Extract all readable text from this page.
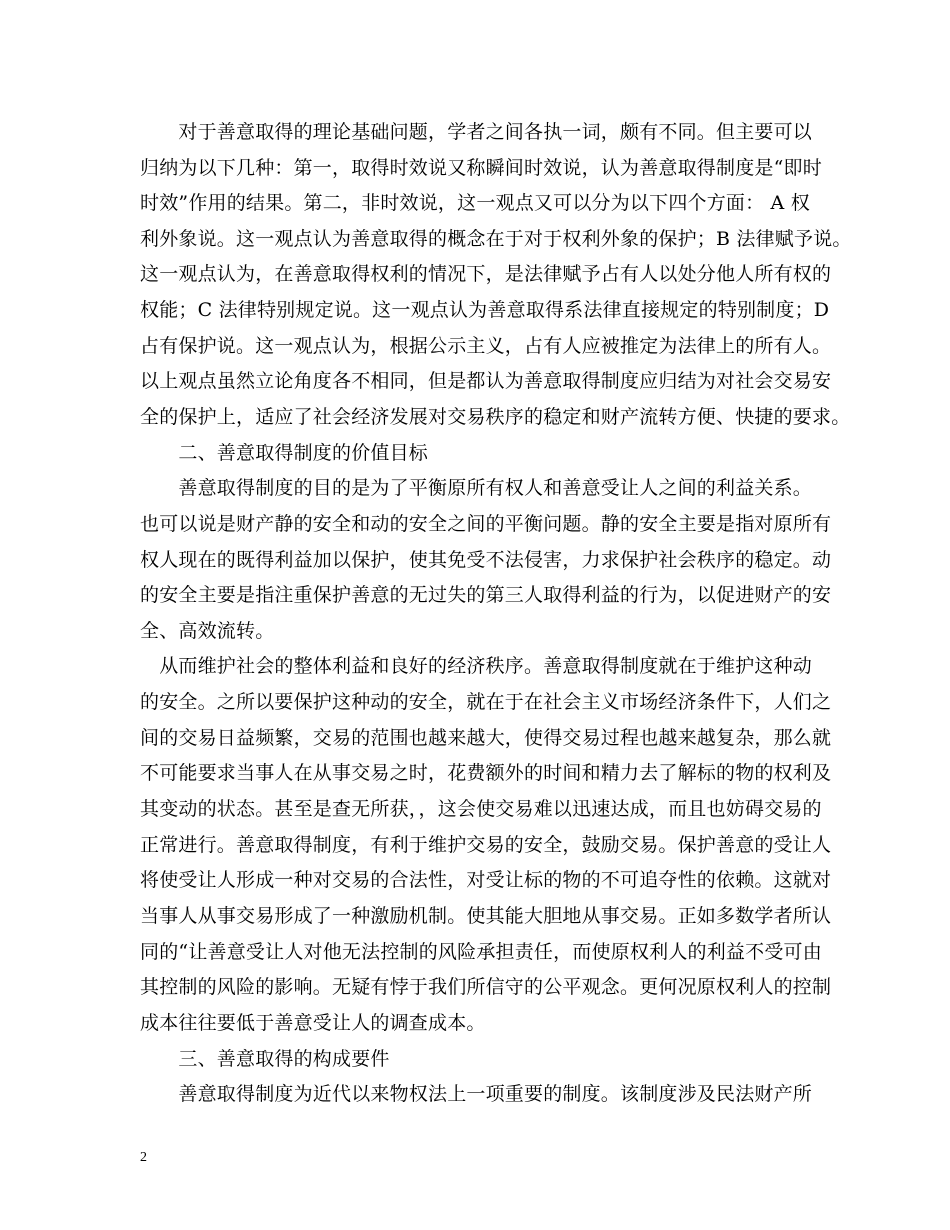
　　对于善意取得的理论基础问题，学者之间各执一词，颇有不同。但主要可以
归纳为以下几种：第一，取得时效说又称瞬间时效说，认为善意取得制度是“即时
时效”作用的结果。第二，非时效说，这一观点又可以分为以下四个方面： A 权
利外象说。这一观点认为善意取得的概念在于对于权利外象的保护；B 法律赋予说。
这一观点认为，在善意取得权利的情况下，是法律赋予占有人以处分他人所有权的
权能；C 法律特别规定说。这一观点认为善意取得系法律直接规定的特别制度；D
占有保护说。这一观点认为，根据公示主义，占有人应被推定为法律上的所有人。
以上观点虽然立论角度各不相同，但是都认为善意取得制度应归结为对社会交易安
全的保护上，适应了社会经济发展对交易秩序的稳定和财产流转方便、快捷的要求。
　　二、善意取得制度的价值目标
　　善意取得制度的目的是为了平衡原所有权人和善意受让人之间的利益关系。
也可以说是财产静的安全和动的安全之间的平衡问题。静的安全主要是指对原所有
权人现在的既得利益加以保护，使其免受不法侵害，力求保护社会秩序的稳定。动
的安全主要是指注重保护善意的无过失的第三人取得利益的行为，以促进财产的安
全、高效流转。
　从而维护社会的整体利益和良好的经济秩序。善意取得制度就在于维护这种动
的安全。之所以要保护这种动的安全，就在于在社会主义市场经济条件下，人们之
间的交易日益频繁，交易的范围也越来越大，使得交易过程也越来越复杂，那么就
不可能要求当事人在从事交易之时，花费额外的时间和精力去了解标的物的权利及
其变动的状态。甚至是查无所获，，这会使交易难以迅速达成，而且也妨碍交易的
正常进行。善意取得制度，有利于维护交易的安全，鼓励交易。保护善意的受让人
将使受让人形成一种对交易的合法性，对受让标的物的不可追夺性的依赖。这就对
当事人从事交易形成了一种激励机制。使其能大胆地从事交易。正如多数学者所认
同的“让善意受让人对他无法控制的风险承担责任，而使原权利人的利益不受可由
其控制的风险的影响。无疑有悖于我们所信守的公平观念。更何况原权利人的控制
成本往往要低于善意受让人的调查成本。
　　三、善意取得的构成要件
　　善意取得制度为近代以来物权法上一项重要的制度。该制度涉及民法财产所
2
